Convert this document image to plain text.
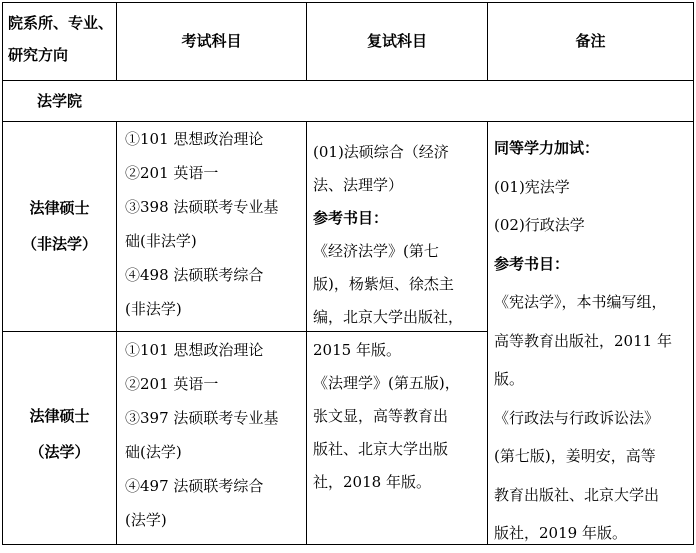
院系所、专业、
研究方向
考试科目	复试科目	备注
法学院
法律硕士
（非法学）
①101 思想政治理论
②201 英语一
③398 法硕联考专业基
础(非法学)
④498 法硕联考综合
(非法学)
法律硕士
（法学）
①101 思想政治理论
②201 英语一
③397 法硕联考专业基
础(法学)
④497 法硕联考综合
(法学)
(01)法硕综合（经济
法、法理学）
参考书目：
《经济法学》(第七
版)，杨紫烜、徐杰主
编，北京大学出版社，
2015 年版。
《法理学》(第五版)，
张文显，高等教育出
版社、北京大学出版
社，2018 年版。
同等学力加试：
(01)宪法学
(02)行政法学
参考书目：
《宪法学》，本书编写组，
高等教育出版社，2011 年
版。
《行政法与行政诉讼法》
(第七版)，姜明安，高等
教育出版社、北京大学出
版社，2019 年版。
